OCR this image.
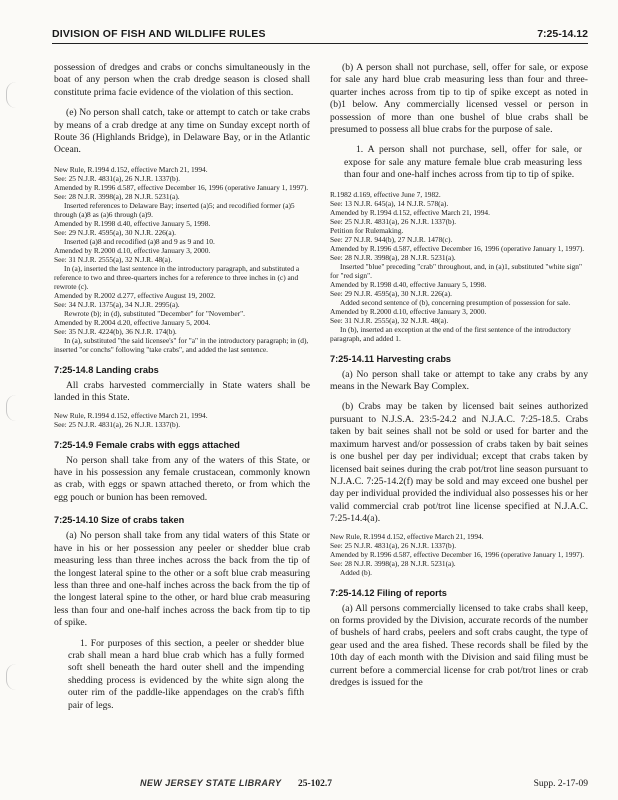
DIVISION OF FISH AND WILDLIFE RULES	7:25-14.12

possession of dredges and crabs or conchs simultaneously in the boat of any person when the crab dredge season is closed shall constitute prima facie evidence of the violation of this section.

(e) No person shall catch, take or attempt to catch or take crabs by means of a crab dredge at any time on Sunday except north of Route 36 (Highlands Bridge), in Delaware Bay, or in the Atlantic Ocean.

New Rule, R.1994 d.152, effective March 21, 1994.
See: 25 N.J.R. 4831(a), 26 N.J.R. 1337(b).
Amended by R.1996 d.587, effective December 16, 1996 (operative January 1, 1997).
See: 28 N.J.R. 3998(a), 28 N.J.R. 5231(a).
Inserted references to Delaware Bay; inserted (a)5; and recodified former (a)5 through (a)8 as (a)6 through (a)9.
Amended by R.1998 d.40, effective January 5, 1998.
See: 29 N.J.R. 4595(a), 30 N.J.R. 226(a).
Inserted (a)8 and recodified (a)8 and 9 as 9 and 10.
Amended by R.2000 d.10, effective January 3, 2000.
See: 31 N.J.R. 2555(a), 32 N.J.R. 48(a).
In (a), inserted the last sentence in the introductory paragraph, and substituted a reference to two and three-quarters inches for a reference to three inches in (c) and rewrote (c).
Amended by R.2002 d.277, effective August 19, 2002.
See: 34 N.J.R. 1375(a), 34 N.J.R. 2995(a).
Rewrote (b); in (d), substituted "December" for "November".
Amended by R.2004 d.20, effective January 5, 2004.
See: 35 N.J.R. 4224(b), 36 N.J.R. 174(b).
In (a), substituted "the said licensee's" for "a" in the introductory paragraph; in (d), inserted "or conchs" following "take crabs", and added the last sentence.
7:25-14.8 Landing crabs

All crabs harvested commercially in State waters shall be landed in this State.

New Rule, R.1994 d.152, effective March 21, 1994.
See: 25 N.J.R. 4831(a), 26 N.J.R. 1337(b).
7:25-14.9 Female crabs with eggs attached

No person shall take from any of the waters of this State, or have in his possession any female crustacean, commonly known as crab, with eggs or spawn attached thereto, or from which the egg pouch or bunion has been removed.

7:25-14.10 Size of crabs taken

(a) No person shall take from any tidal waters of this State or have in his or her possession any peeler or shedder blue crab measuring less than three inches across the back from the tip of the longest lateral spine to the other or a soft blue crab measuring less than three and one-half inches across the back from the tip of the longest lateral spine to the other, or hard blue crab measuring less than four and one-half inches across the back from tip to tip of spike.

1. For purposes of this section, a peeler or shedder blue crab shall mean a hard blue crab which has a fully formed soft shell beneath the hard outer shell and the impending shedding process is evidenced by the white sign along the outer rim of the paddle-like appendages on the crab's fifth pair of legs.

(b) A person shall not purchase, sell, offer for sale, or expose for sale any hard blue crab measuring less than four and three-quarter inches across from tip to tip of spike except as noted in (b)1 below. Any commercially licensed vessel or person in possession of more than one bushel of blue crabs shall be presumed to possess all blue crabs for the purpose of sale.

1. A person shall not purchase, sell, offer for sale, or expose for sale any mature female blue crab measuring less than four and one-half inches across from tip to tip of spike.

R.1982 d.169, effective June 7, 1982.
See: 13 N.J.R. 645(a), 14 N.J.R. 578(a).
Amended by R.1994 d.152, effective March 21, 1994.
See: 25 N.J.R. 4831(a), 26 N.J.R. 1337(b).
Petition for Rulemaking.
See: 27 N.J.R. 944(b), 27 N.J.R. 1478(c).
Amended by R.1996 d.587, effective December 16, 1996 (operative January 1, 1997).
See: 28 N.J.R. 3998(a), 28 N.J.R. 5231(a).
Inserted "blue" preceding "crab" throughout, and, in (a)1, substituted "white sign" for "red sign".
Amended by R.1998 d.40, effective January 5, 1998.
See: 29 N.J.R. 4595(a), 30 N.J.R. 226(a).
Added second sentence of (b), concerning presumption of possession for sale.
Amended by R.2000 d.10, effective January 3, 2000.
See: 31 N.J.R. 2555(a), 32 N.J.R. 48(a).
In (b), inserted an exception at the end of the first sentence of the introductory paragraph, and added 1.
7:25-14.11 Harvesting crabs

(a) No person shall take or attempt to take any crabs by any means in the Newark Bay Complex.

(b) Crabs may be taken by licensed bait seines authorized pursuant to N.J.S.A. 23:5-24.2 and N.J.A.C. 7:25-18.5. Crabs taken by bait seines shall not be sold or used for barter and the maximum harvest and/or possession of crabs taken by bait seines is one bushel per day per individual; except that crabs taken by licensed bait seines during the crab pot/trot line season pursuant to N.J.A.C. 7:25-14.2(f) may be sold and may exceed one bushel per day per individual provided the individual also possesses his or her valid commercial crab pot/trot line license specified at N.J.A.C. 7:25-14.4(a).

New Rule, R.1994 d.152, effective March 21, 1994.
See: 25 N.J.R. 4831(a), 26 N.J.R. 1337(b).
Amended by R.1996 d.587, effective December 16, 1996 (operative January 1, 1997).
See: 28 N.J.R. 3998(a), 28 N.J.R. 5231(a).
Added (b).
7:25-14.12 Filing of reports

(a) All persons commercially licensed to take crabs shall keep, on forms provided by the Division, accurate records of the number of bushels of hard crabs, peelers and soft crabs caught, the type of gear used and the area fished. These records shall be filed by the 10th day of each month with the Division and said filing must be current before a commercial license for crab pot/trot lines or crab dredges is issued for the

NEW JERSEY STATE LIBRARY 25-102.7	Supp. 2-17-09
